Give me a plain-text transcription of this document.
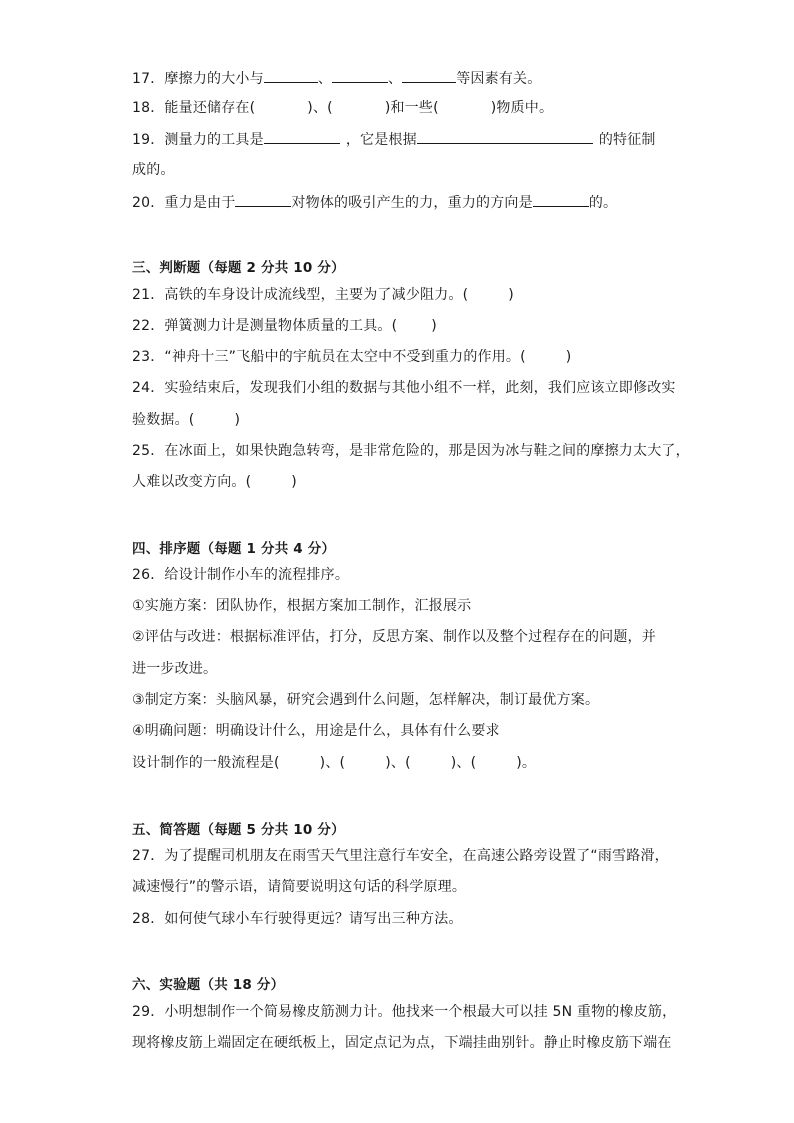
17．摩擦力的大小与	、	、	等因素有关。
18．能量还储存在(	)、(	)和一些(	)物质中。
19．测量力的工具是	，它是根据	的特征制
成的。
20．重力是由于	对物体的吸引产生的力，重力的方向是	的。
三、判断题（每题 2 分共 10 分）
21．高铁的车身设计成流线型，主要为了减少阻力。(	)
22．弹簧测力计是测量物体质量的工具。( )
23．“神舟十三”飞船中的宇航员在太空中不受到重力的作用。(	)
24．实验结束后，发现我们小组的数据与其他小组不一样，此刻，我们应该立即修改实
验数据。(	)
25．在冰面上，如果快跑急转弯，是非常危险的，那是因为冰与鞋之间的摩擦力太大了，
人难以改变方向。(	)
四、排序题（每题 1 分共 4 分）
26．给设计制作小车的流程排序。
①实施方案：团队协作，根据方案加工制作，汇报展示
②评估与改进：根据标准评估，打分，反思方案、制作以及整个过程存在的问题，并
进一步改进。
③制定方案：头脑风暴，研究会遇到什么问题，怎样解决，制订最优方案。
④明确问题：明确设计什么，用途是什么，具体有什么要求
设计制作的一般流程是(	)、(	)、(	)、(	)。
五、简答题（每题 5 分共 10 分）
27．为了提醒司机朋友在雨雪天气里注意行车安全，在高速公路旁设置了“雨雪路滑，
减速慢行”的警示语，请简要说明这句话的科学原理。
28．如何使气球小车行驶得更远？请写出三种方法。
六、实验题（共 18 分）
29．小明想制作一个简易橡皮筋测力计。他找来一个根最大可以挂 5N 重物的橡皮筋，
现将橡皮筋上端固定在硬纸板上，固定点记为点，下端挂曲别针。静止时橡皮筋下端在
